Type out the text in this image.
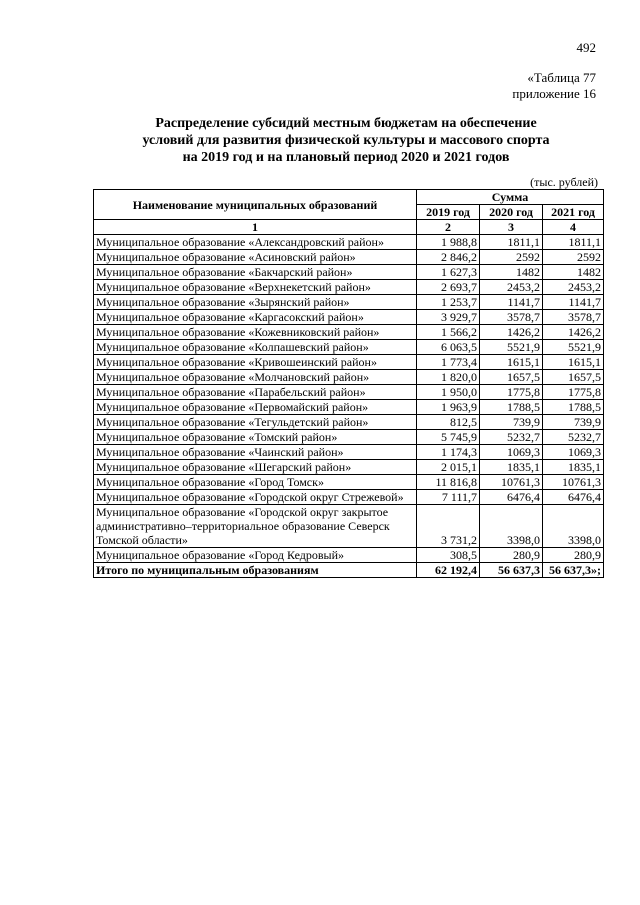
492
«Таблица 77
приложение 16
Распределение субсидий местным бюджетам на обеспечение
условий для развития физической культуры и массового спорта
на 2019 год и на плановый период 2020 и 2021 годов
(тыс. рублей)
Наименование муниципальных образований	Сумма		
	2019 год	2020 год	2021 год
1	2	3	4
Муниципальное образование «Александровский район»	1 988,8	1811,1	1811,1
Муниципальное образование «Асиновский район»	2 846,2	2592	2592
Муниципальное образование «Бакчарский район»	1 627,3	1482	1482
Муниципальное образование «Верхнекетский район»	2 693,7	2453,2	2453,2
Муниципальное образование «Зырянский район»	1 253,7	1141,7	1141,7
Муниципальное образование «Каргасокский район»	3 929,7	3578,7	3578,7
Муниципальное образование «Кожевниковский район»	1 566,2	1426,2	1426,2
Муниципальное образование «Колпашевский район»	6 063,5	5521,9	5521,9
Муниципальное образование «Кривошеинский район»	1 773,4	1615,1	1615,1
Муниципальное образование «Молчановский район»	1 820,0	1657,5	1657,5
Муниципальное образование «Парабельский район»	1 950,0	1775,8	1775,8
Муниципальное образование «Первомайский район»	1 963,9	1788,5	1788,5
Муниципальное образование «Тегульдетский район»	812,5	739,9	739,9
Муниципальное образование «Томский район»	5 745,9	5232,7	5232,7
Муниципальное образование «Чаинский район»	1 174,3	1069,3	1069,3
Муниципальное образование «Шегарский район»	2 015,1	1835,1	1835,1
Муниципальное образование «Город Томск»	11 816,8	10761,3	10761,3
Муниципальное образование «Городской округ Стрежевой»	7 111,7	6476,4	6476,4
Муниципальное образование «Городской округ закрытое административно–территориальное образование Северск Томской области»	3 731,2	3398,0	3398,0
Муниципальное образование «Город Кедровый»	308,5	280,9	280,9
Итого по муниципальным образованиям	62 192,4	56 637,3	56 637,3»;
